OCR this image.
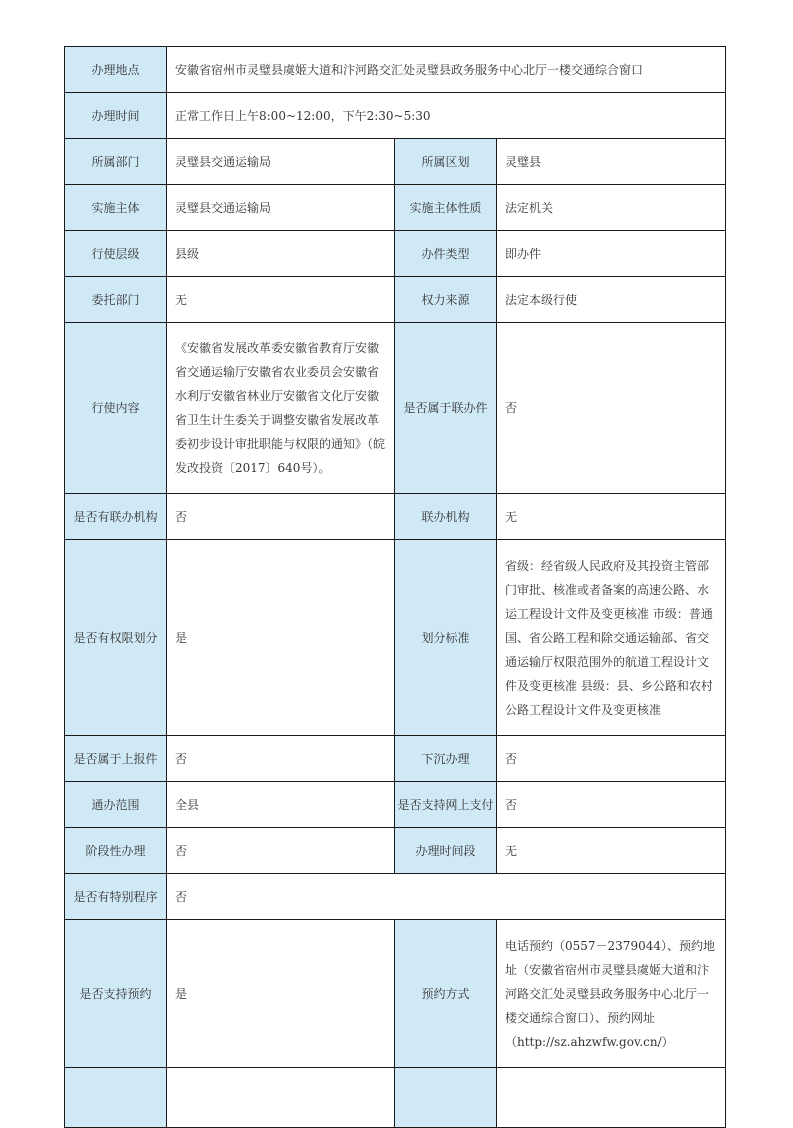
办理地点	安徽省宿州市灵璧县虞姬大道和汴河路交汇处灵璧县政务服务中心北厅一楼交通综合窗口		
办理时间	正常工作日上午8:00~12:00，下午2:30~5:30		
所属部门	灵璧县交通运输局	所属区划	灵璧县
实施主体	灵璧县交通运输局	实施主体性质	法定机关
行使层级	县级	办件类型	即办件
委托部门	无	权力来源	法定本级行使
行使内容	《安徽省发展改革委安徽省教育厅安徽省交通运输厅安徽省农业委员会安徽省水利厅安徽省林业厅安徽省文化厅安徽省卫生计生委关于调整安徽省发展改革委初步设计审批职能与权限的通知》（皖发改投资〔2017〕640号）。	是否属于联办件	否
是否有联办机构	否	联办机构	无
是否有权限划分	是	划分标准	省级：经省级人民政府及其投资主管部门审批、核准或者备案的高速公路、水运工程设计文件及变更核准 市级：普通国、省公路工程和除交通运输部、省交通运输厅权限范围外的航道工程设计文件及变更核准 县级：县、乡公路和农村公路工程设计文件及变更核准
是否属于上报件	否	下沉办理	否
通办范围	全县	是否支持网上支付	否
阶段性办理	否	办理时间段	无
是否有特别程序	否		
是否支持预约	是	预约方式	电话预约（0557－2379044）、预约地址（安徽省宿州市灵璧县虞姬大道和汴河路交汇处灵璧县政务服务中心北厅一楼交通综合窗口）、预约网址（http://sz.ahzwfw.gov.cn/）
